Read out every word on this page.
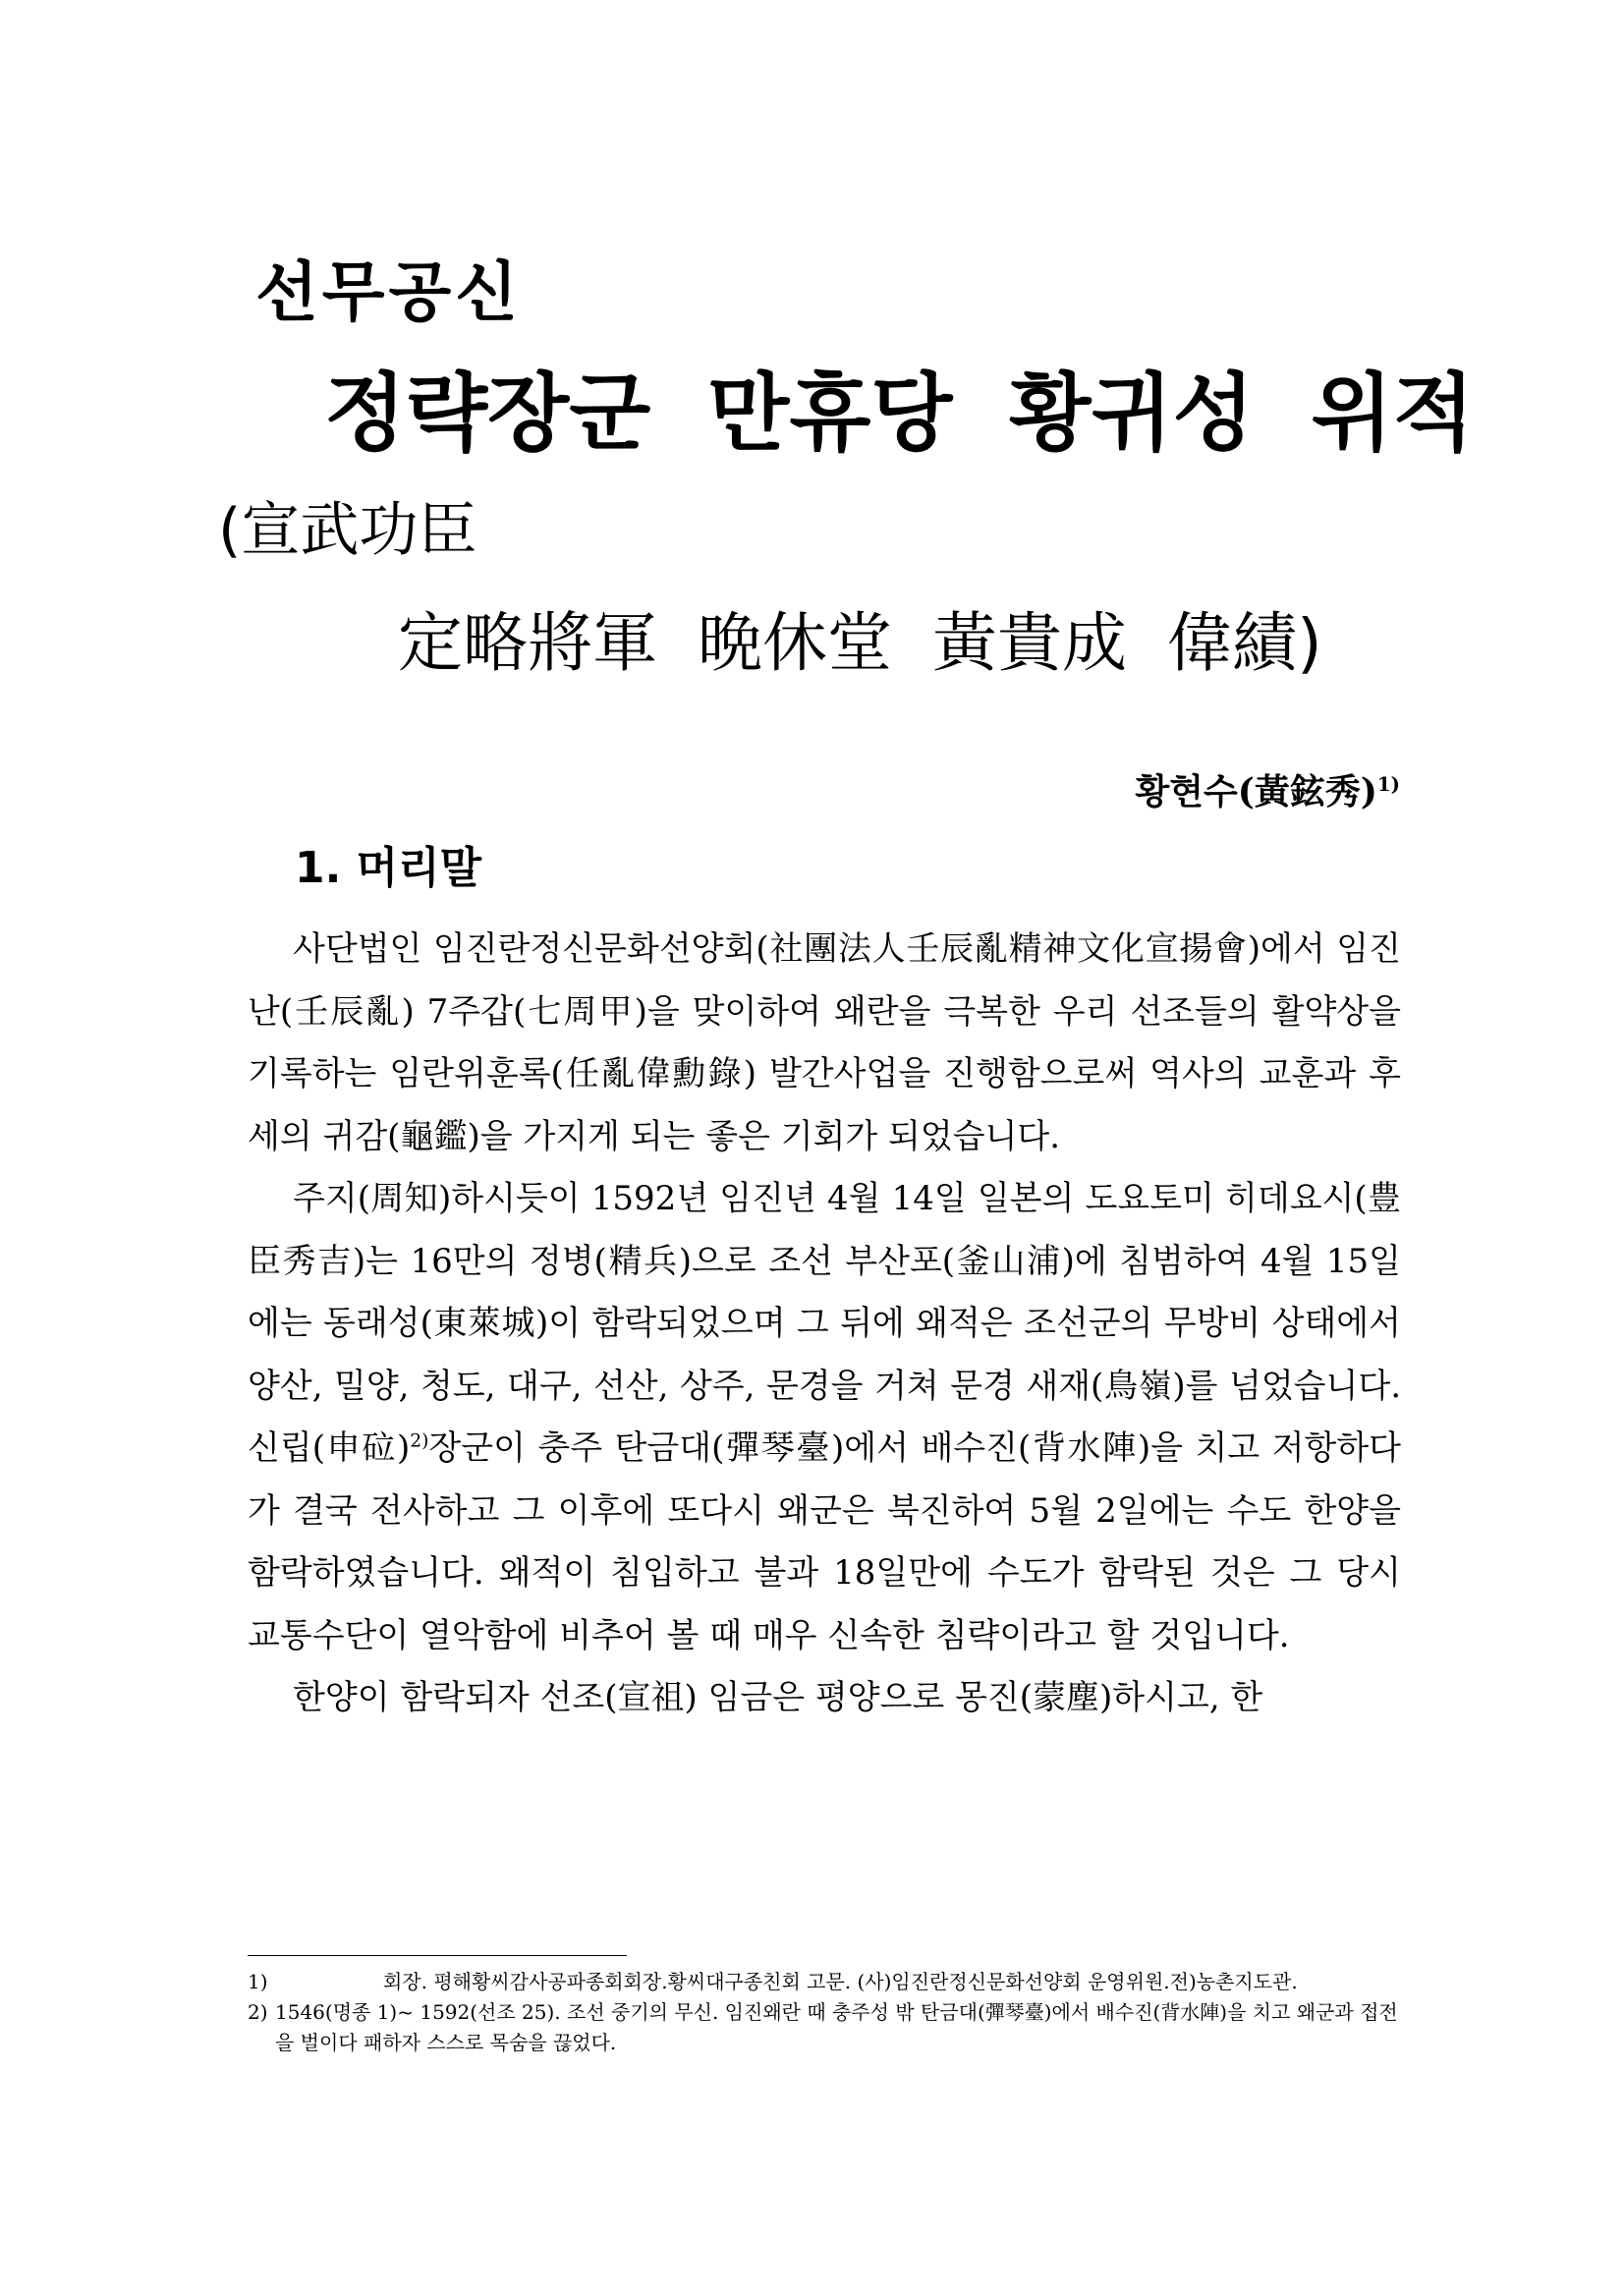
선무공신
정략장군 만휴당 황귀성 위적
(宣武功臣
定略將軍 晩休堂 黃貴成 偉績)
황현수(黃鉉秀)$^{1)}$
1. 머리말

사단법인 임진란정신문화선양회(社團法人壬辰亂精神文化宣揚會)에서 임진난(壬辰亂) 7주갑(七周甲)을 맞이하여 왜란을 극복한 우리 선조들의 활약상을 기록하는 임란위훈록(任亂偉勳錄) 발간사업을 진행함으로써 역사의 교훈과 후세의 귀감(龜鑑)을 가지게 되는 좋은 기회가 되었습니다.

주지(周知)하시듯이 1592년 임진년 4월 14일 일본의 도요토미 히데요시(豊臣秀吉)는 16만의 정병(精兵)으로 조선 부산포(釜山浦)에 침범하여 4월 15일에는 동래성(東萊城)이 함락되었으며 그 뒤에 왜적은 조선군의 무방비 상태에서 양산, 밀양, 청도, 대구, 선산, 상주, 문경을 거쳐 문경 새재(鳥嶺)를 넘었습니다. 신립(申砬)$^{2)}$장군이 충주 탄금대(彈琴臺)에서 배수진(背水陣)을 치고 저항하다가 결국 전사하고 그 이후에 또다시 왜군은 북진하여 5월 2일에는 수도 한양을 함락하였습니다. 왜적이 침입하고 불과 18일만에 수도가 함락된 것은 그 당시 교통수단이 열악함에 비추어 볼 때 매우 신속한 침략이라고 할 것입니다.

한양이 함락되자 선조(宣祖) 임금은 평양으로 몽진(蒙塵)하시고, 한

1)	회장. 평해황씨감사공파종회회장.황씨대구종친회 고문. (사)임진란정신문화선양회 운영위원.전)농촌지도관.
2) 1546(명종 1)~ 1592(선조 25). 조선 중기의 무신. 임진왜란 때 충주성 밖 탄금대(彈琴臺)에서 배수진(背水陣)을 치고 왜군과 접전을 벌이다 패하자 스스로 목숨을 끊었다.
